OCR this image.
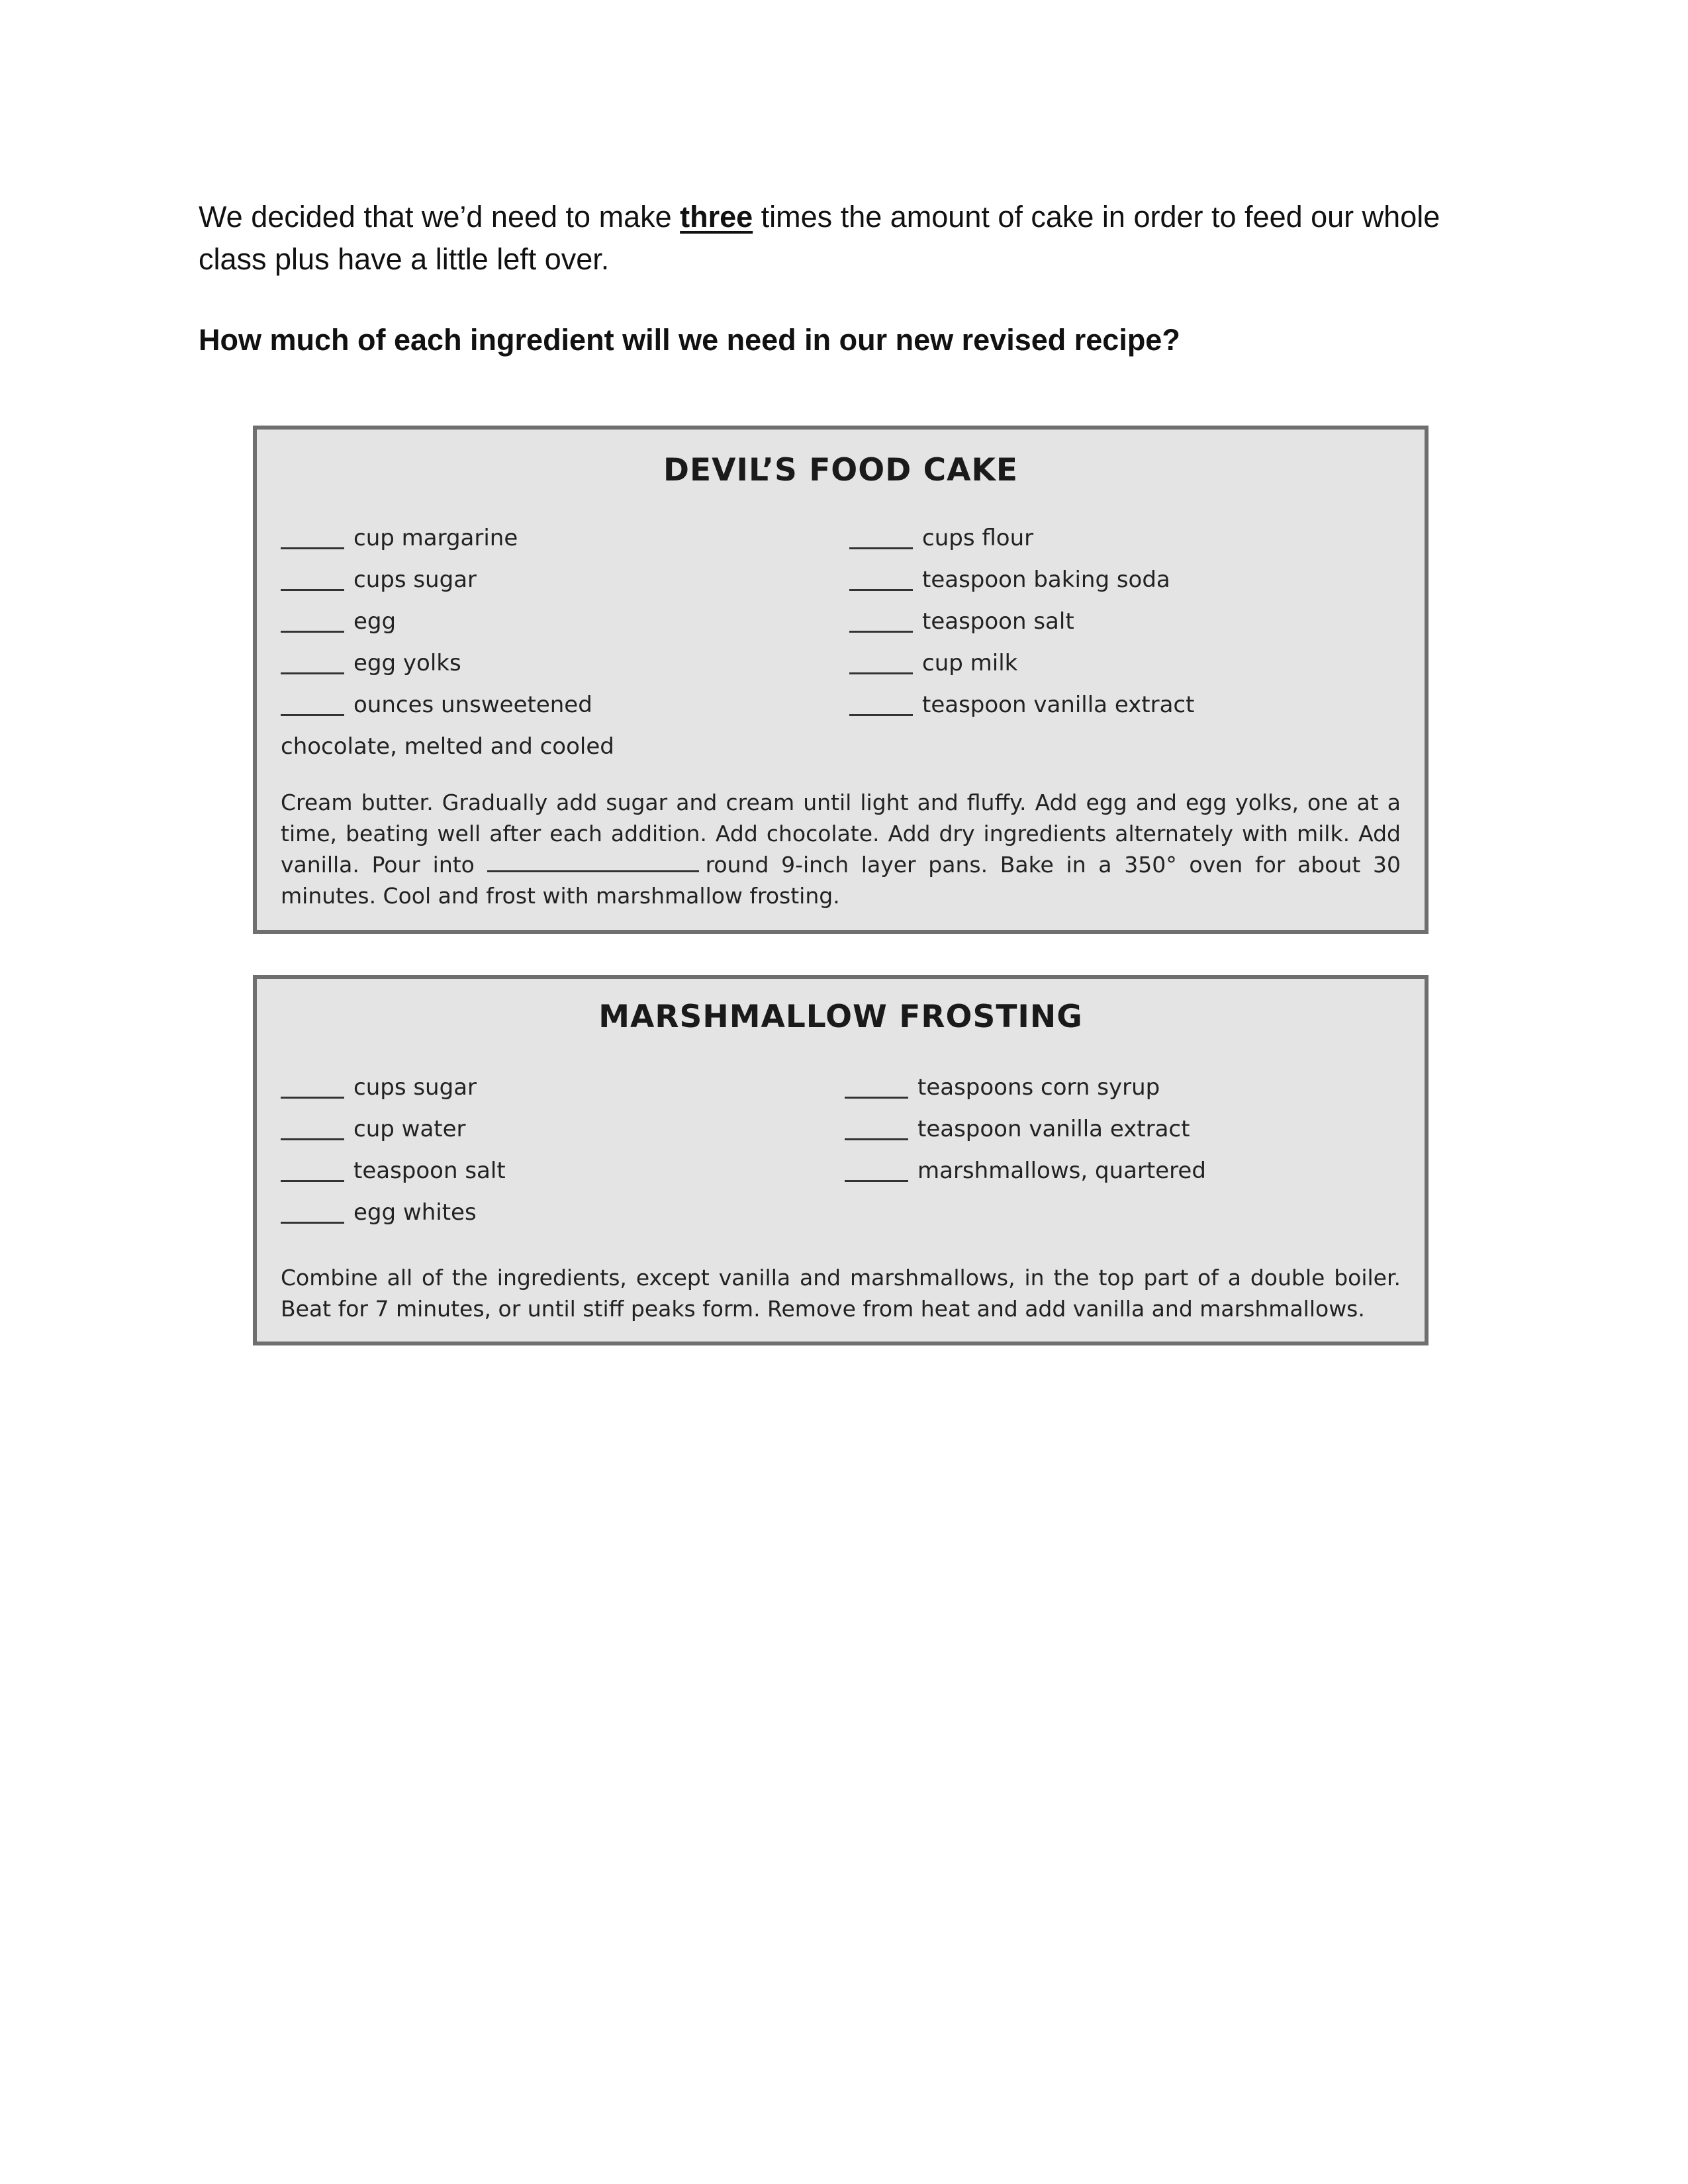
We decided that we’d need to make three times the amount of cake in order to feed our whole class plus have a little left over.

How much of each ingredient will we need in our new revised recipe?

DEVIL’S FOOD CAKE
cup margarine
cups sugar
egg
egg yolks
ounces unsweetened
chocolate, melted and cooled
cups flour
teaspoon baking soda
teaspoon salt
cup milk
teaspoon vanilla extract

Cream butter. Gradually add sugar and cream until light and fluffy. Add egg and egg yolks, one at a time, beating well after each addition. Add chocolate. Add dry ingredients alternately with milk. Add vanilla. Pour into	round 9-inch layer pans. Bake in a 350° oven for about 30 minutes. Cool and frost with marshmallow frosting.

MARSHMALLOW FROSTING
cups sugar
cup water
teaspoon salt
egg whites
teaspoons corn syrup
teaspoon vanilla extract
marshmallows, quartered

Combine all of the ingredients, except vanilla and marshmallows, in the top part of a double boiler. Beat for 7 minutes, or until stiff peaks form. Remove from heat and add vanilla and marshmallows.
